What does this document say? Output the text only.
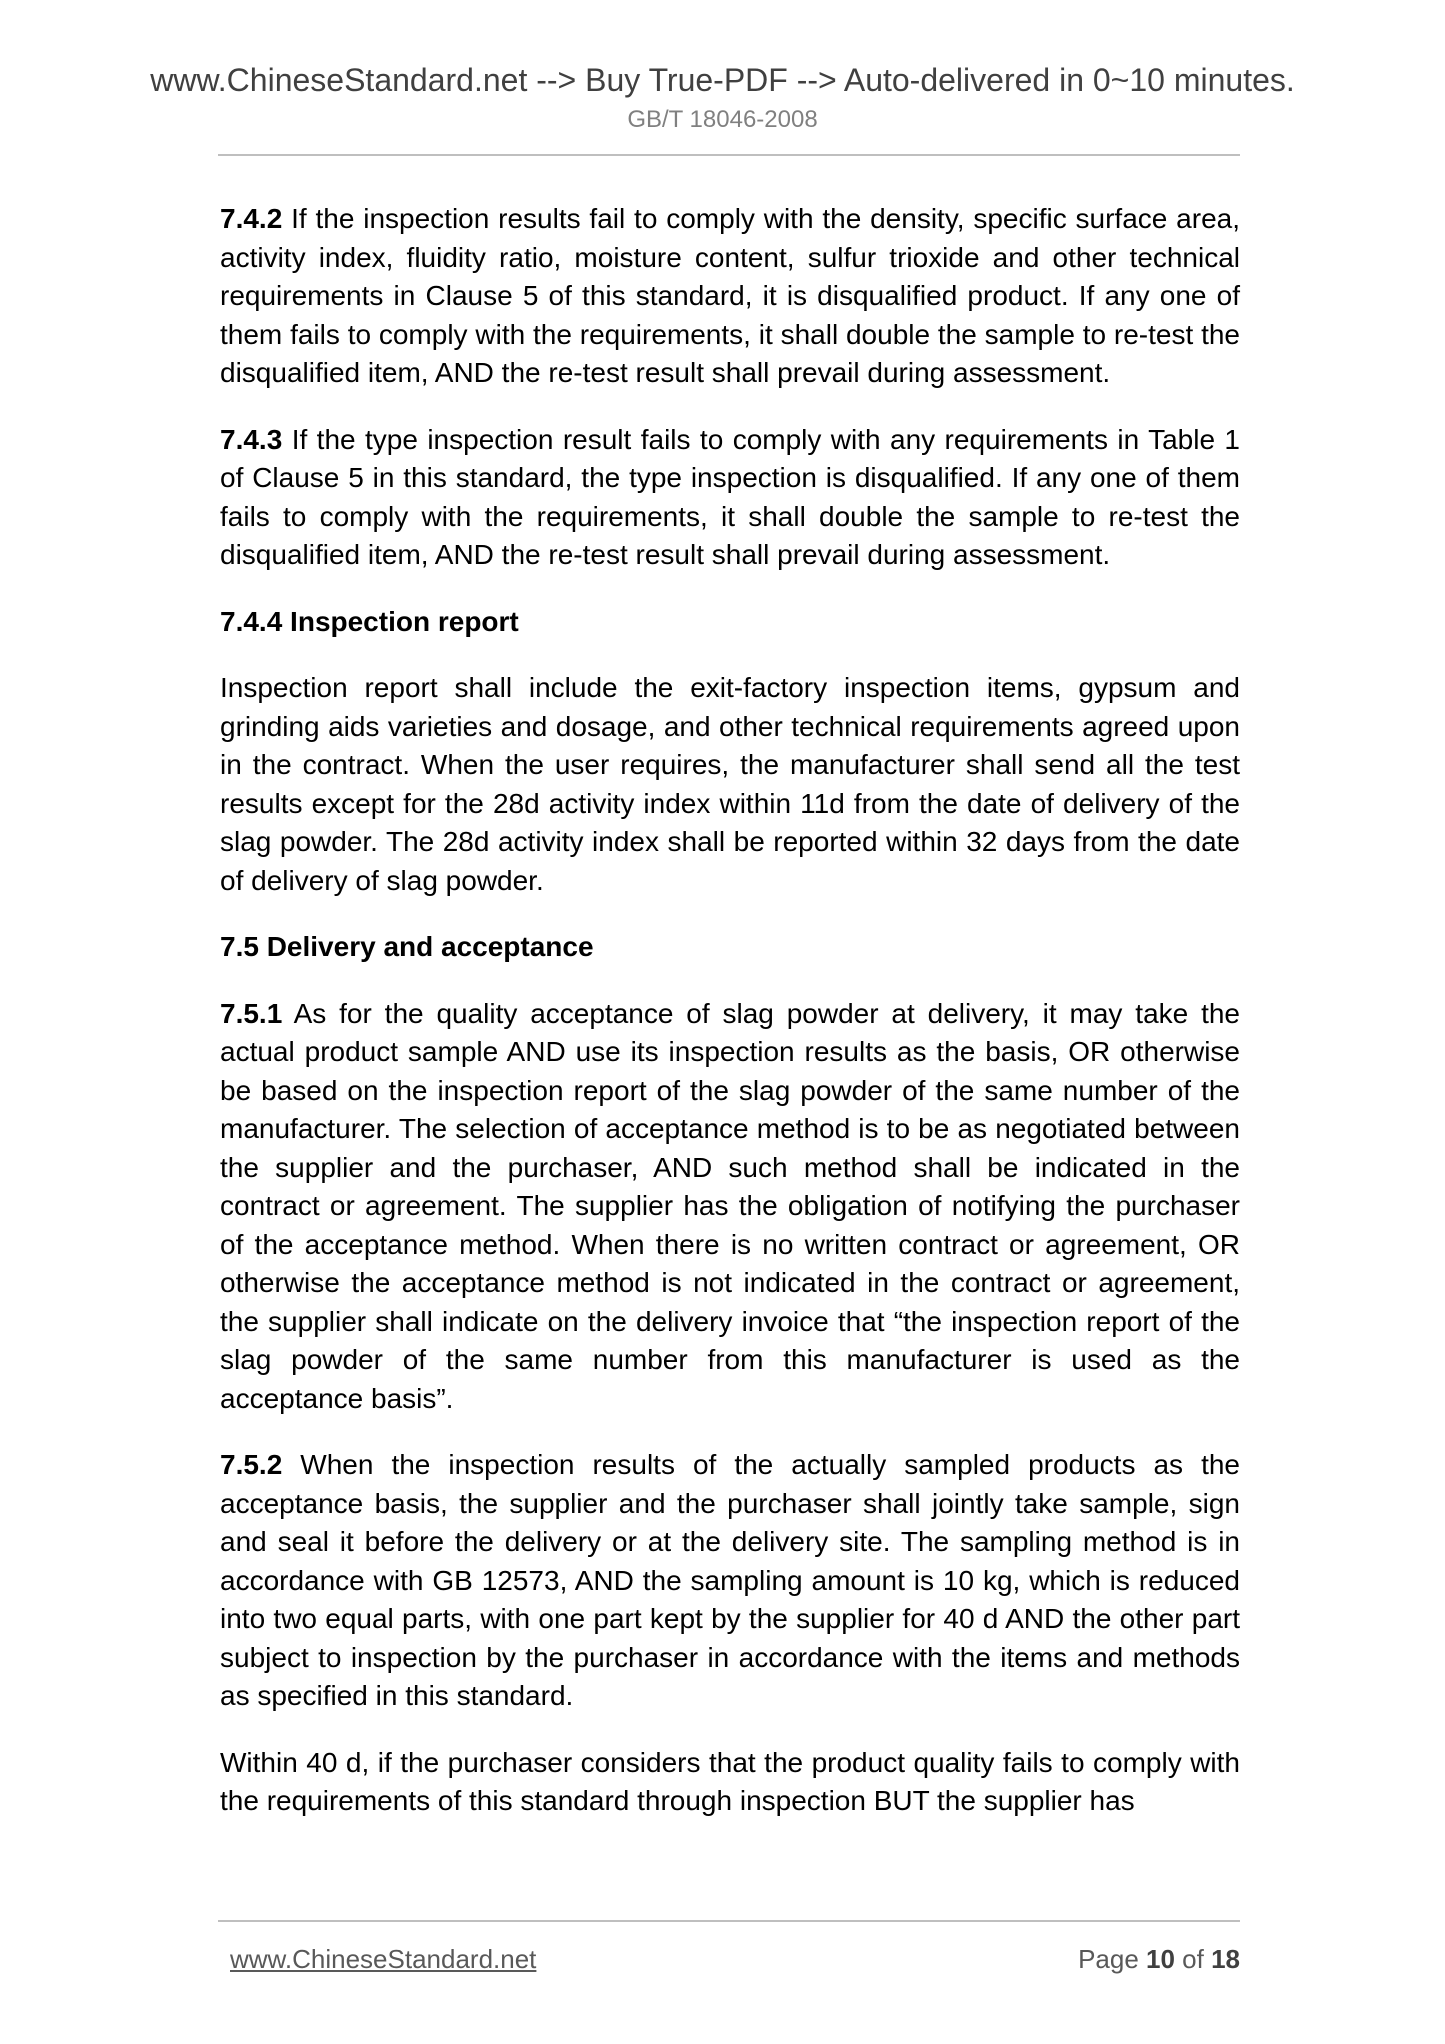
www.ChineseStandard.net --> Buy True-PDF --> Auto-delivered in 0~10 minutes.
GB/T 18046-2008

7.4.2 If the inspection results fail to comply with the density, specific surface area, activity index, fluidity ratio, moisture content, sulfur trioxide and other technical requirements in Clause 5 of this standard, it is disqualified product. If any one of them fails to comply with the requirements, it shall double the sample to re-test the disqualified item, AND the re-test result shall prevail during assessment.

7.4.3 If the type inspection result fails to comply with any requirements in Table 1 of Clause 5 in this standard, the type inspection is disqualified. If any one of them fails to comply with the requirements, it shall double the sample to re-test the disqualified item, AND the re-test result shall prevail during assessment.

7.4.4 Inspection report

Inspection report shall include the exit-factory inspection items, gypsum and grinding aids varieties and dosage, and other technical requirements agreed upon in the contract. When the user requires, the manufacturer shall send all the test results except for the 28d activity index within 11d from the date of delivery of the slag powder. The 28d activity index shall be reported within 32 days from the date of delivery of slag powder.

7.5 Delivery and acceptance

7.5.1 As for the quality acceptance of slag powder at delivery, it may take the actual product sample AND use its inspection results as the basis, OR otherwise be based on the inspection report of the slag powder of the same number of the manufacturer. The selection of acceptance method is to be as negotiated between the supplier and the purchaser, AND such method shall be indicated in the contract or agreement. The supplier has the obligation of notifying the purchaser of the acceptance method. When there is no written contract or agreement, OR otherwise the acceptance method is not indicated in the contract or agreement, the supplier shall indicate on the delivery invoice that “the inspection report of the slag powder of the same number from this manufacturer is used as the acceptance basis”.

7.5.2 When the inspection results of the actually sampled products as the acceptance basis, the supplier and the purchaser shall jointly take sample, sign and seal it before the delivery or at the delivery site. The sampling method is in accordance with GB 12573, AND the sampling amount is 10 kg, which is reduced into two equal parts, with one part kept by the supplier for 40 d AND the other part subject to inspection by the purchaser in accordance with the items and methods as specified in this standard.

Within 40 d, if the purchaser considers that the product quality fails to comply with the requirements of this standard through inspection BUT the supplier has

www.ChineseStandard.net	Page 10 of 18
